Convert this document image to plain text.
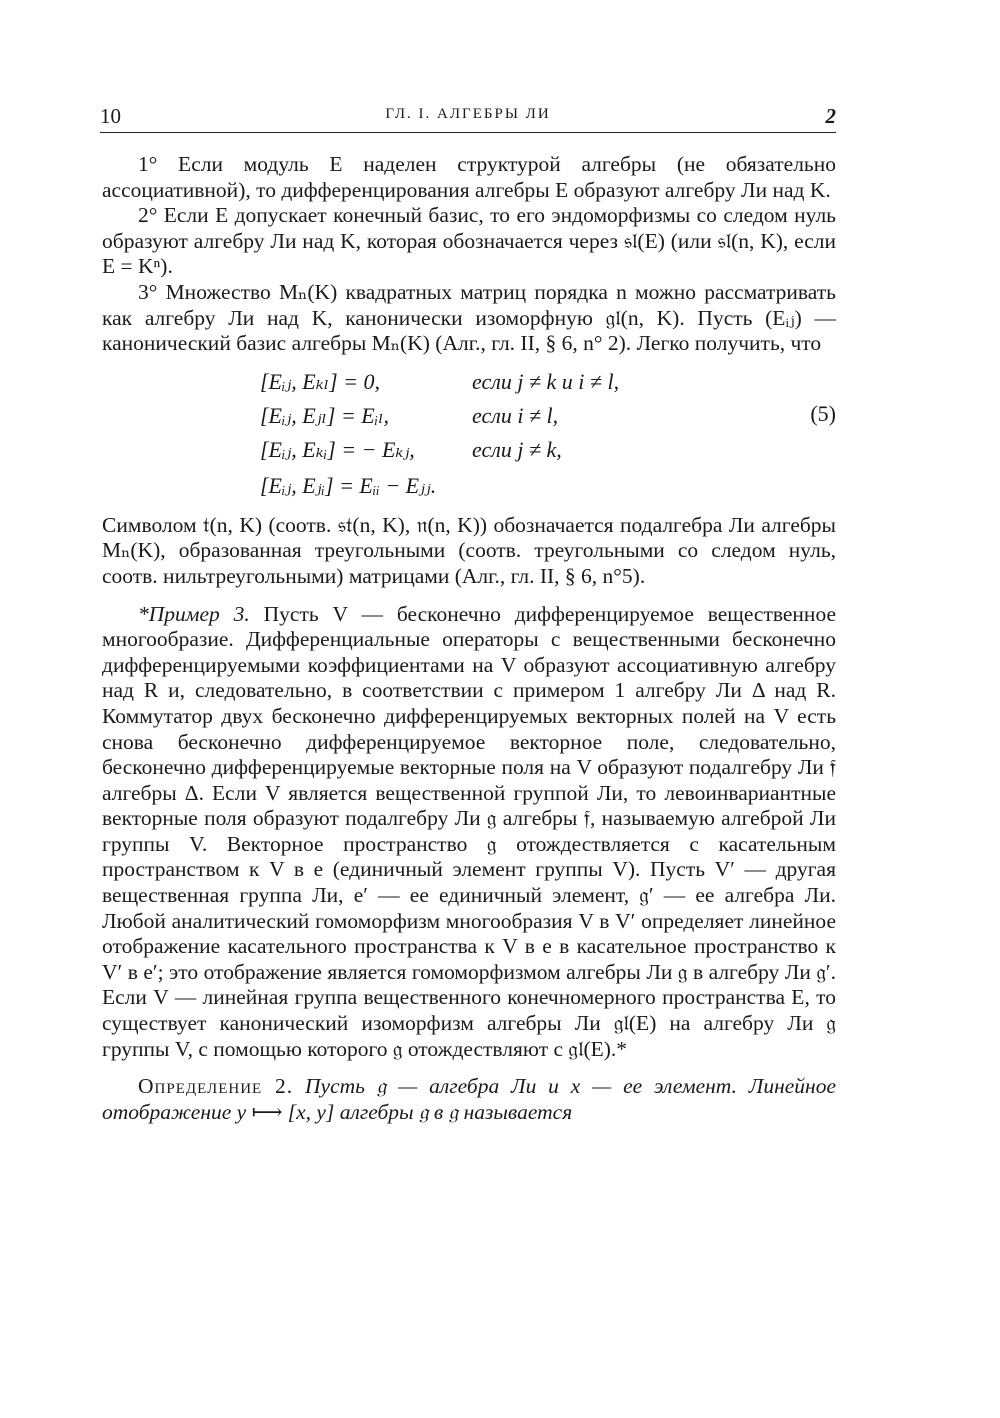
10	ГЛ. I. АЛГЕБРЫ ЛИ	2

1° Если модуль E наделен структурой алгебры (не обязательно ассоциативной), то дифференцирования алгебры E образуют алгебру Ли над K.

2° Если E допускает конечный базис, то его эндоморфизмы со следом нуль образуют алгебру Ли над K, которая обозначается через 𝔰𝔩(E) (или 𝔰𝔩(n, K), если E = Kⁿ).

3° Множество Mₙ(K) квадратных матриц порядка n можно рассматривать как алгебру Ли над K, канонически изоморфную 𝔤𝔩(n, K). Пусть (Eᵢⱼ) — канонический базис алгебры Mₙ(K) (Алг., гл. II, § 6, n° 2). Легко получить, что

[Eᵢⱼ, Eₖₗ] = 0,	если j ≠ k и i ≠ l,
[Eᵢⱼ, Eⱼₗ] = Eᵢₗ,	если i ≠ l,
[Eᵢⱼ, Eₖᵢ] = − Eₖⱼ,	если j ≠ k,
[Eᵢⱼ, Eⱼᵢ] = Eᵢᵢ − Eⱼⱼ.
(5)

Символом 𝔱(n, K) (соотв. 𝔰𝔱(n, K), 𝔫(n, K)) обозначается подалгебра Ли алгебры Mₙ(K), образованная треугольными (соотв. треугольными со следом нуль, соотв. нильтреугольными) матрицами (Алг., гл. II, § 6, n°5).

*Пример 3. Пусть V — бесконечно дифференцируемое вещественное многообразие. Дифференциальные операторы с вещественными бесконечно дифференцируемыми коэффициентами на V образуют ассоциативную алгебру над R и, следовательно, в соответствии с примером 1 алгебру Ли Δ над R. Коммутатор двух бесконечно дифференцируемых векторных полей на V есть снова бесконечно дифференцируемое векторное поле, следовательно, бесконечно дифференцируемые векторные поля на V образуют подалгебру Ли 𝔣 алгебры Δ. Если V является вещественной группой Ли, то левоинвариантные векторные поля образуют подалгебру Ли 𝔤 алгебры 𝔣, называемую алгеброй Ли группы V. Векторное пространство 𝔤 отождествляется с касательным пространством к V в e (единичный элемент группы V). Пусть V′ — другая вещественная группа Ли, e′ — ее единичный элемент, 𝔤′ — ее алгебра Ли. Любой аналитический гомоморфизм многообразия V в V′ определяет линейное отображение касательного пространства к V в e в касательное пространство к V′ в e′; это отображение является гомоморфизмом алгебры Ли 𝔤 в алгебру Ли 𝔤′. Если V — линейная группа вещественного конечномерного пространства E, то существует канонический изоморфизм алгебры Ли 𝔤𝔩(E) на алгебру Ли 𝔤 группы V, с помощью которого 𝔤 отождествляют с 𝔤𝔩(E).*

Определение 2. Пусть 𝔤 — алгебра Ли и x — ее элемент. Линейное отображение y ⟼ [x, y] алгебры 𝔤 в 𝔤 называется
